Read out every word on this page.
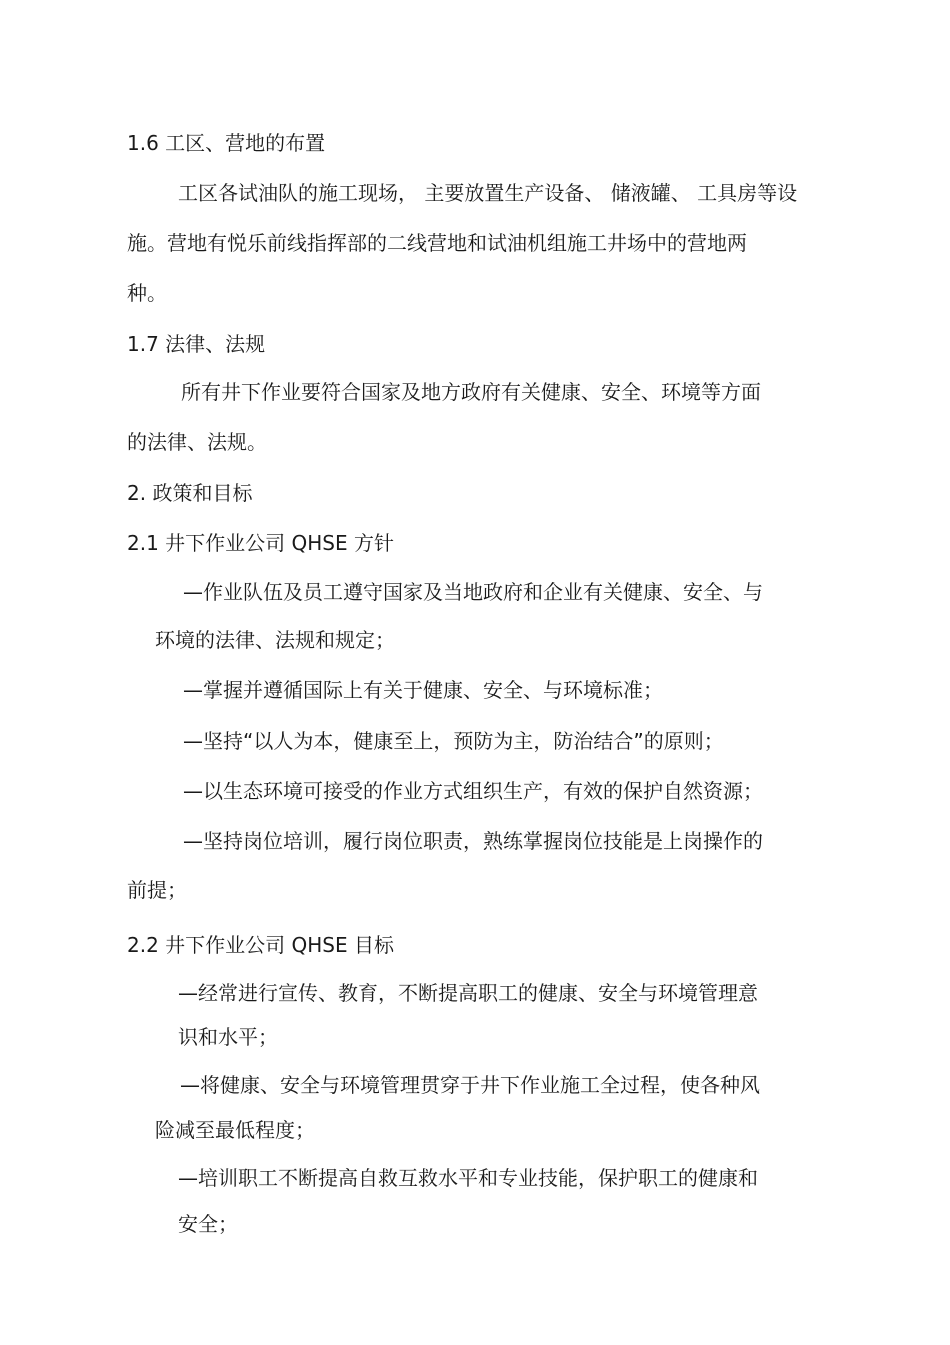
1.6 工区、营地的布置
工区各试油队的施工现场， 主要放置生产设备、 储液罐、 工具房等设
施。营地有悦乐前线指挥部的二线营地和试油机组施工井场中的营地两
种。
1.7 法律、法规
所有井下作业要符合国家及地方政府有关健康、安全、环境等方面
的法律、法规。
2. 政策和目标
2.1 井下作业公司 QHSE 方针
—作业队伍及员工遵守国家及当地政府和企业有关健康、安全、与
环境的法律、法规和规定；
—掌握并遵循国际上有关于健康、安全、与环境标准；
—坚持“以人为本，健康至上，预防为主，防治结合”的原则；
—以生态环境可接受的作业方式组织生产，有效的保护自然资源；
—坚持岗位培训，履行岗位职责，熟练掌握岗位技能是上岗操作的
前提；
2.2 井下作业公司 QHSE 目标
—经常进行宣传、教育，不断提高职工的健康、安全与环境管理意
识和水平；
—将健康、安全与环境管理贯穿于井下作业施工全过程，使各种风
险减至最低程度；
—培训职工不断提高自救互救水平和专业技能，保护职工的健康和
安全；
